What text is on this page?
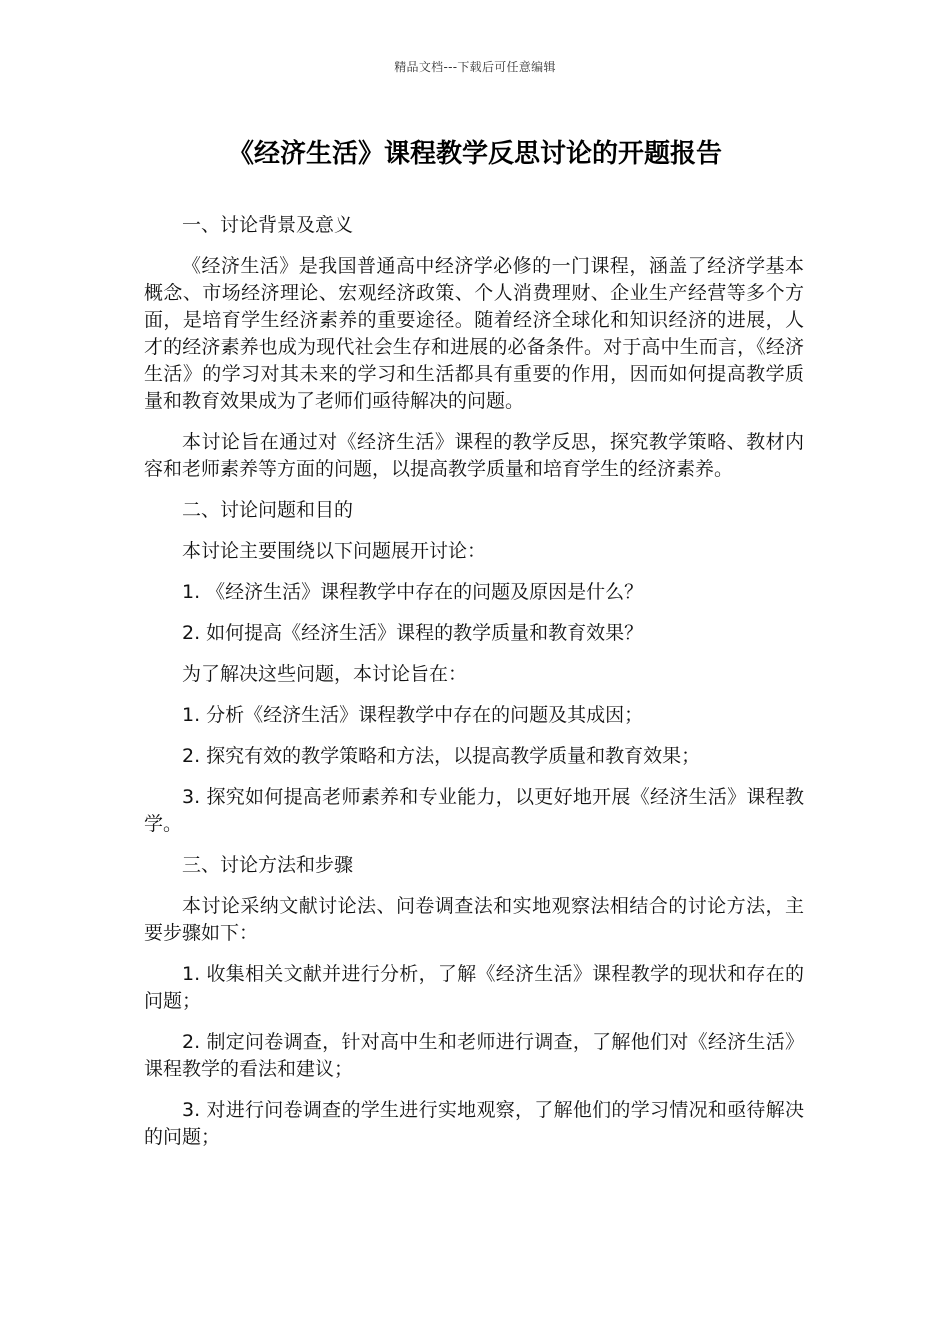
精品文档---下载后可任意编辑
《经济生活》课程教学反思讨论的开题报告

一、讨论背景及意义

《经济生活》是我国普通高中经济学必修的一门课程，涵盖了经济学基本概念、市场经济理论、宏观经济政策、个人消费理财、企业生产经营等多个方面，是培育学生经济素养的重要途径。随着经济全球化和知识经济的进展，人才的经济素养也成为现代社会生存和进展的必备条件。对于高中生而言，《经济生活》的学习对其未来的学习和生活都具有重要的作用，因而如何提高教学质量和教育效果成为了老师们亟待解决的问题。

本讨论旨在通过对《经济生活》课程的教学反思，探究教学策略、教材内容和老师素养等方面的问题，以提高教学质量和培育学生的经济素养。

二、讨论问题和目的

本讨论主要围绕以下问题展开讨论：

1. 《经济生活》课程教学中存在的问题及原因是什么？

2. 如何提高《经济生活》课程的教学质量和教育效果？

为了解决这些问题，本讨论旨在：

1. 分析《经济生活》课程教学中存在的问题及其成因；

2. 探究有效的教学策略和方法，以提高教学质量和教育效果；

3. 探究如何提高老师素养和专业能力，以更好地开展《经济生活》课程教学。

三、讨论方法和步骤

本讨论采纳文献讨论法、问卷调查法和实地观察法相结合的讨论方法，主要步骤如下：

1. 收集相关文献并进行分析，了解《经济生活》课程教学的现状和存在的问题；

2. 制定问卷调查，针对高中生和老师进行调查，了解他们对《经济生活》课程教学的看法和建议；

3. 对进行问卷调查的学生进行实地观察，了解他们的学习情况和亟待解决的问题；
